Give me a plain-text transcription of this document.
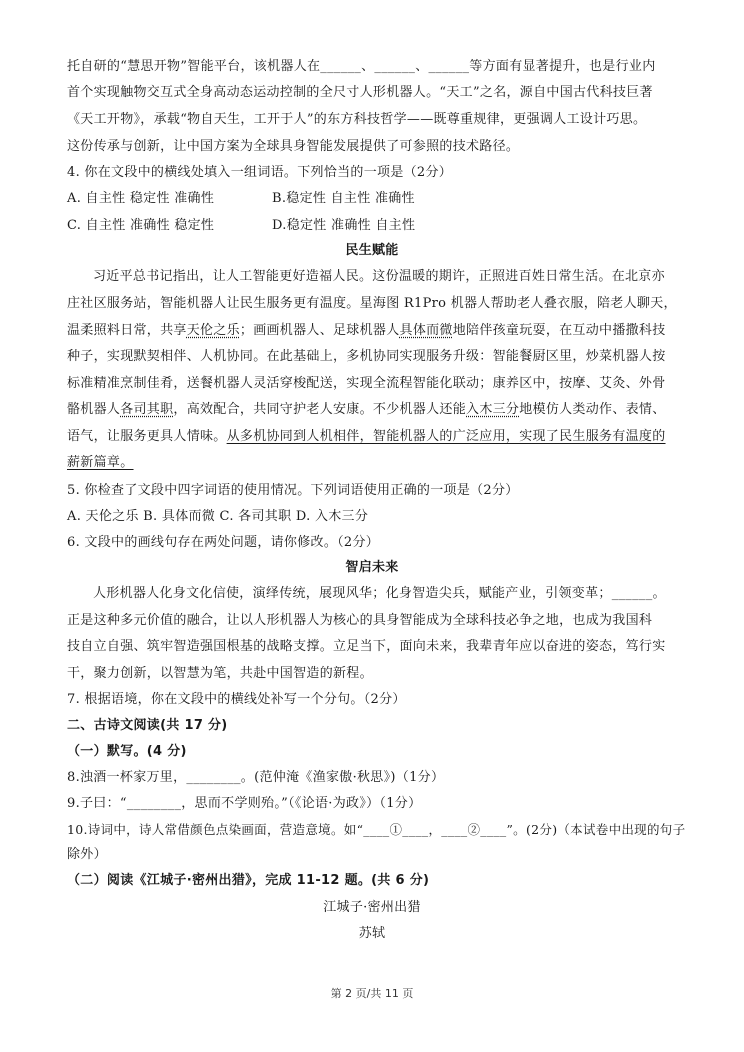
托自研的“慧思开物”智能平台，该机器人在______、______、______等方面有显著提升，也是行业内
首个实现触物交互式全身高动态运动控制的全尺寸人形机器人。“天工”之名，源自中国古代科技巨著
《天工开物》，承载“物自天生，工开于人”的东方科技哲学——既尊重规律，更强调人工设计巧思。
这份传承与创新，让中国方案为全球具身智能发展提供了可参照的技术路径。
4. 你在文段中的横线处填入一组词语。下列恰当的一项是（2分）
A. 自主性 稳定性 准确性	B.稳定性 自主性 准确性
C. 自主性 准确性 稳定性	D.稳定性 准确性 自主性
民生赋能
习近平总书记指出，让人工智能更好造福人民。这份温暖的期许，正照进百姓日常生活。在北京亦
庄社区服务站，智能机器人让民生服务更有温度。星海图 R1Pro 机器人帮助老人叠衣服，陪老人聊天，
温柔照料日常，共享天伦之乐；画画机器人、足球机器人具体而微地陪伴孩童玩耍，在互动中播撒科技
种子，实现默契相伴、人机协同。在此基础上，多机协同实现服务升级：智能餐厨区里，炒菜机器人按
标准精准烹制佳肴，送餐机器人灵活穿梭配送，实现全流程智能化联动；康养区中，按摩、艾灸、外骨
骼机器人各司其职，高效配合，共同守护老人安康。不少机器人还能入木三分地模仿人类动作、表情、
语气，让服务更具人情味。从多机协同到人机相伴，智能机器人的广泛应用，实现了民生服务有温度的
薪新篇章。
5. 你检查了文段中四字词语的使用情况。下列词语使用正确的一项是（2分）
A. 天伦之乐 B. 具体而微 C. 各司其职 D. 入木三分
6. 文段中的画线句存在两处问题，请你修改。（2分）
智启未来
人形机器人化身文化信使，演绎传统，展现风华；化身智造尖兵，赋能产业，引领变革；______。
正是这种多元价值的融合，让以人形机器人为核心的具身智能成为全球科技必争之地，也成为我国科
技自立自强、筑牢智造强国根基的战略支撑。立足当下，面向未来，我辈青年应以奋进的姿态，笃行实
干，聚力创新，以智慧为笔，共赴中国智造的新程。
7. 根据语境，你在文段中的横线处补写一个分句。（2分）
二、古诗文阅读(共 17 分)
（一）默写。(4 分)
8.浊酒一杯家万里，________。(范仲淹《渔家傲·秋思》)（1分）
9.子曰：“________，思而不学则殆。”（《论语·为政》）（1分）
10.诗词中，诗人常借颜色点染画面，营造意境。如“____①____，____②____”。(2分)（本试卷中出现的句子
除外）
（二）阅读《江城子·密州出猎》，完成 11-12 题。(共 6 分)
江城子·密州出猎
苏轼
第 2 页/共 11 页
